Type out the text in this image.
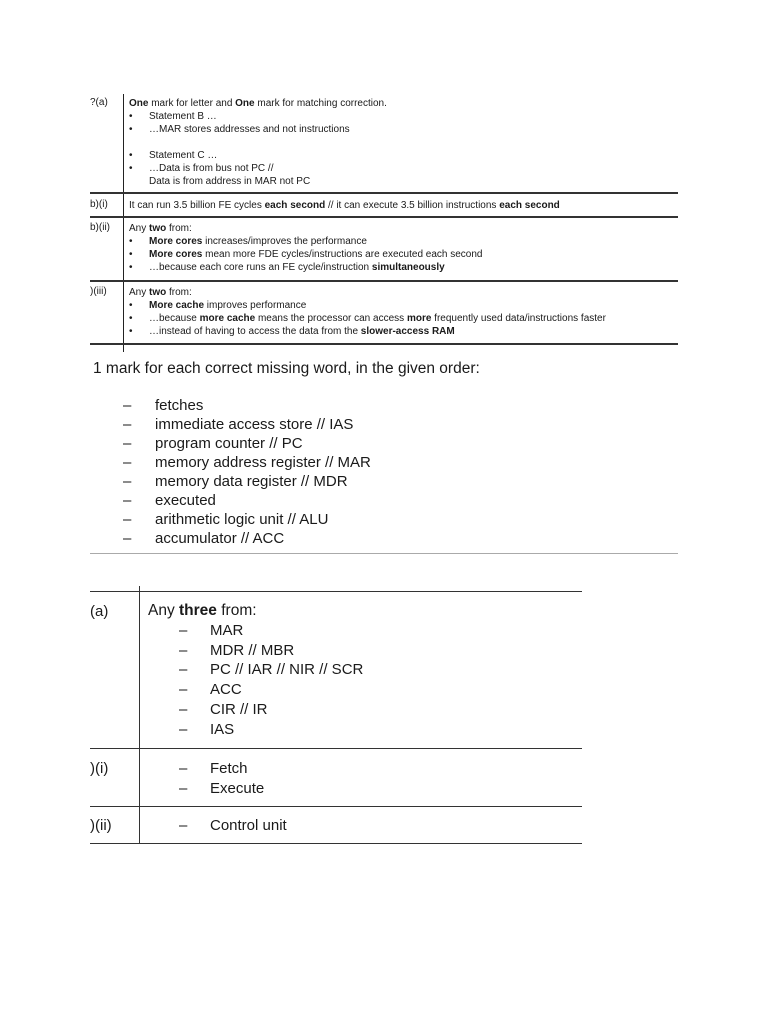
?(a) One mark for letter and One mark for matching correction.
•	Statement B …
•	…MAR stores addresses and not instructions
•	Statement C …
•	…Data is from bus not PC //
Data is from address in MAR not PC
b)(i) It can run 3.5 billion FE cycles each second // it can execute 3.5 billion instructions each second
b)(ii) Any two from:
•	More cores increases/improves the performance
•	More cores mean more FDE cycles/instructions are executed each second
•	…because each core runs an FE cycle/instruction simultaneously
)(iii) Any two from:
•	More cache improves performance
•	…because more cache means the processor can access more frequently used data/instructions faster
•	…instead of having to access the data from the slower-access RAM
1 mark for each correct missing word, in the given order:
–	fetches
–	immediate access store // IAS
–	program counter // PC
–	memory address register // MAR
–	memory data register // MDR
–	executed
–	arithmetic logic unit // ALU
–	accumulator // ACC
(a)	Any three from:
–	MAR
–	MDR // MBR
–	PC // IAR // NIR // SCR
–	ACC
–	CIR // IR
–	IAS
)(i)	–	Fetch
–	Execute
)(ii)	–	Control unit
